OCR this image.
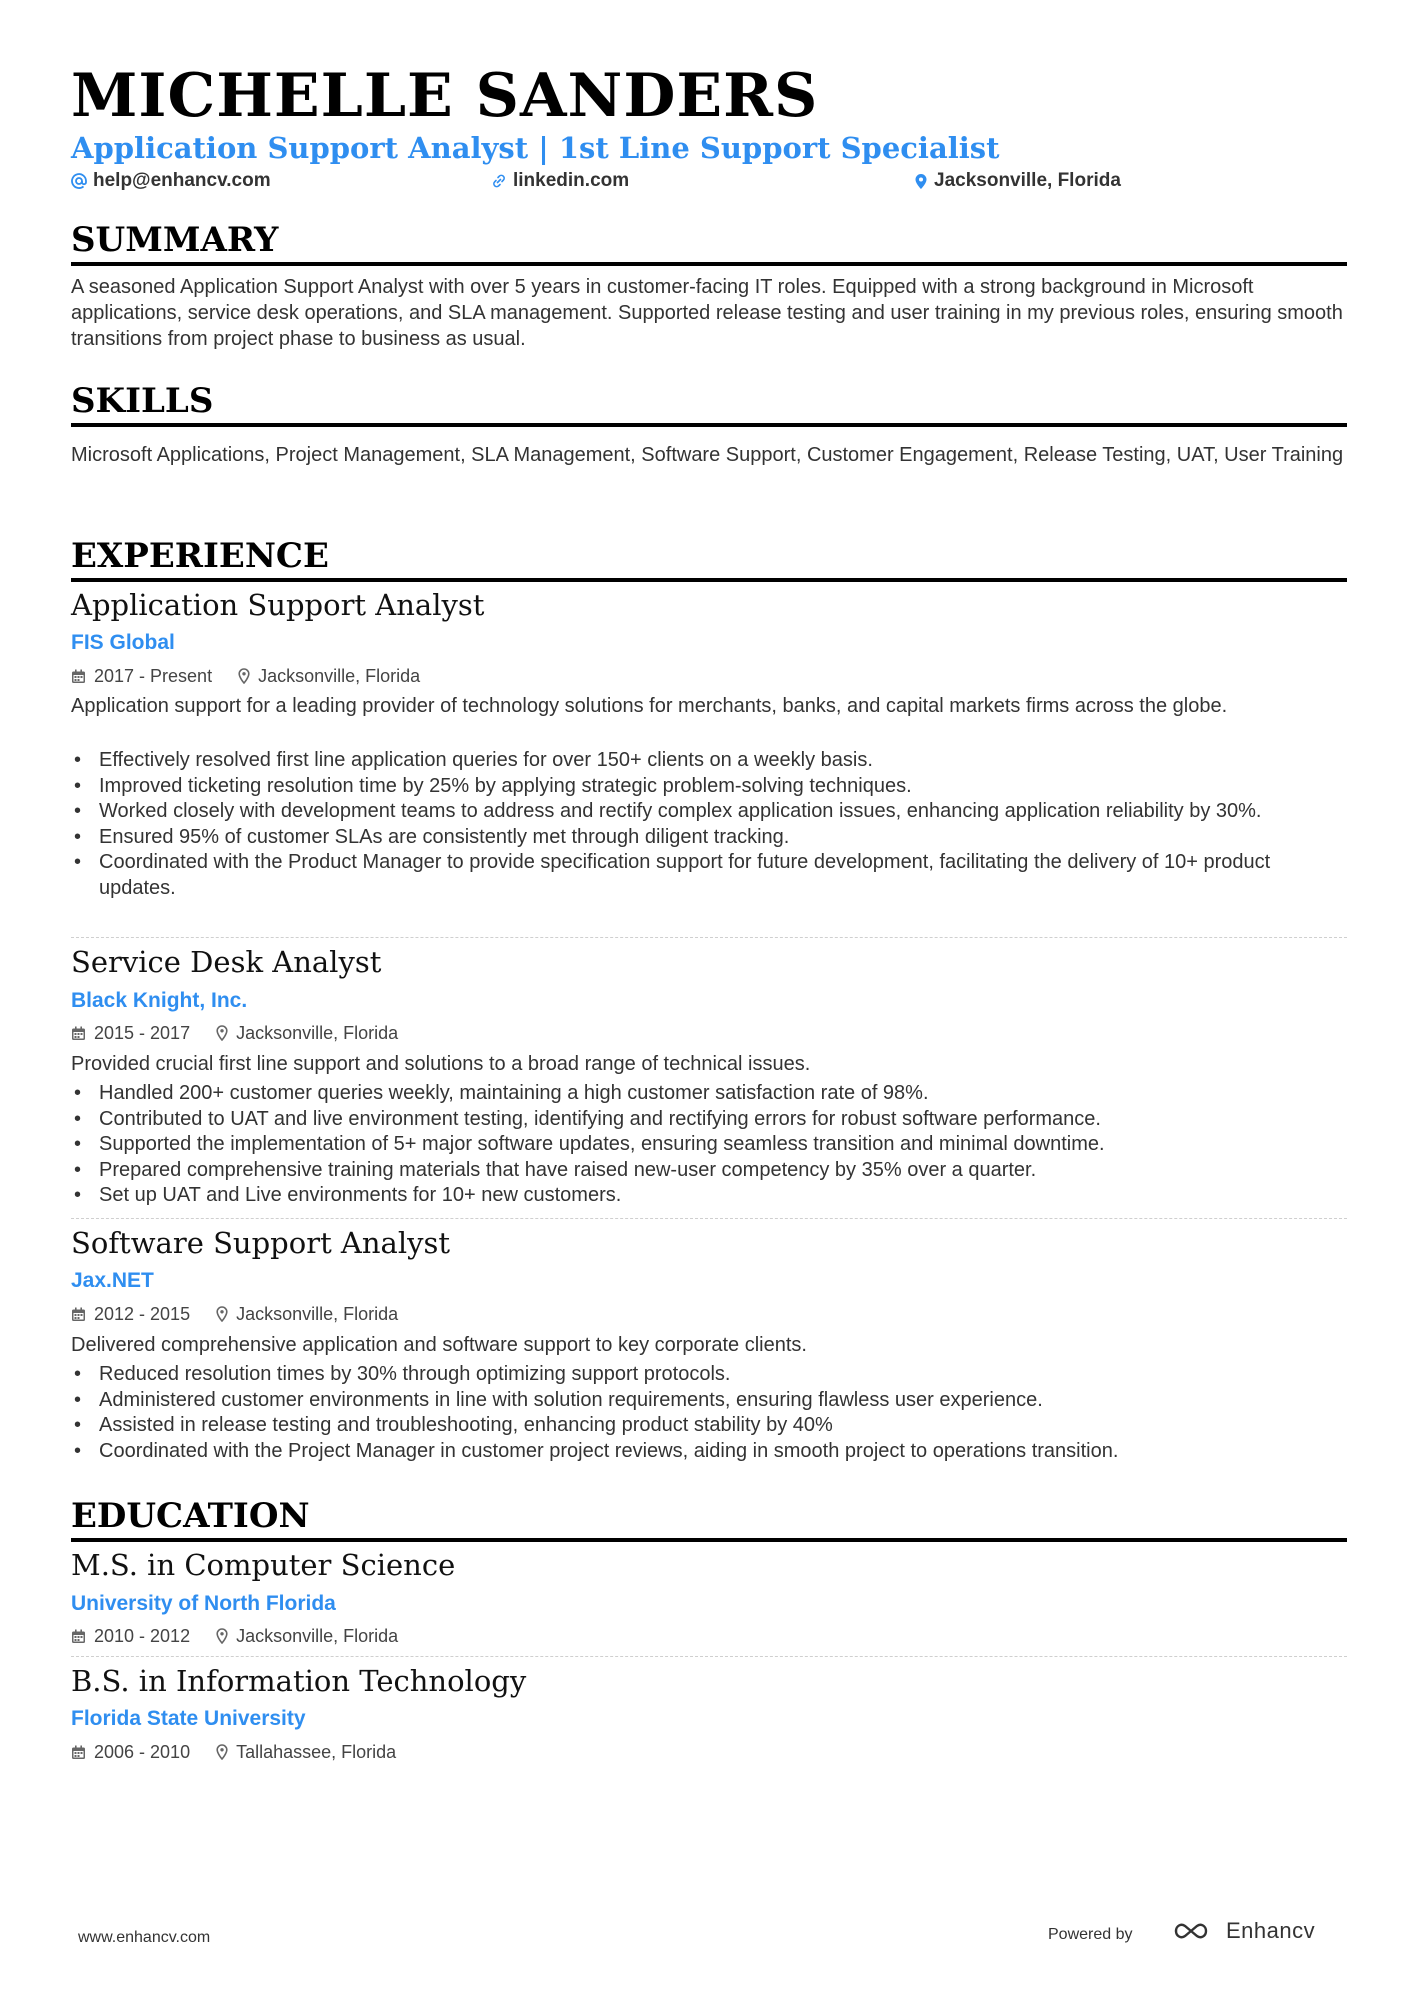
MICHELLE SANDERS
Application Support Analyst | 1st Line Support Specialist
help@enhancv.com	linkedin.com	Jacksonville, Florida
SUMMARY
A seasoned Application Support Analyst with over 5 years in customer-facing IT roles. Equipped with a strong background in Microsoft applications, service desk operations, and SLA management. Supported release testing and user training in my previous roles, ensuring smooth transitions from project phase to business as usual.
SKILLS
Microsoft Applications, Project Management, SLA Management, Software Support, Customer Engagement, Release Testing, UAT, User Training
EXPERIENCE
Application Support Analyst
FIS Global
2017 - Present	Jacksonville, Florida
Application support for a leading provider of technology solutions for merchants, banks, and capital markets firms across the globe.
• Effectively resolved first line application queries for over 150+ clients on a weekly basis.
• Improved ticketing resolution time by 25% by applying strategic problem-solving techniques.
• Worked closely with development teams to address and rectify complex application issues, enhancing application reliability by 30%.
• Ensured 95% of customer SLAs are consistently met through diligent tracking.
• Coordinated with the Product Manager to provide specification support for future development, facilitating the delivery of 10+ product updates.
Service Desk Analyst
Black Knight, Inc.
2015 - 2017	Jacksonville, Florida
Provided crucial first line support and solutions to a broad range of technical issues.
• Handled 200+ customer queries weekly, maintaining a high customer satisfaction rate of 98%.
• Contributed to UAT and live environment testing, identifying and rectifying errors for robust software performance.
• Supported the implementation of 5+ major software updates, ensuring seamless transition and minimal downtime.
• Prepared comprehensive training materials that have raised new-user competency by 35% over a quarter.
• Set up UAT and Live environments for 10+ new customers.
Software Support Analyst
Jax.NET
2012 - 2015	Jacksonville, Florida
Delivered comprehensive application and software support to key corporate clients.
• Reduced resolution times by 30% through optimizing support protocols.
• Administered customer environments in line with solution requirements, ensuring flawless user experience.
• Assisted in release testing and troubleshooting, enhancing product stability by 40%
• Coordinated with the Project Manager in customer project reviews, aiding in smooth project to operations transition.
EDUCATION
M.S. in Computer Science
University of North Florida
2010 - 2012	Jacksonville, Florida
B.S. in Information Technology
Florida State University
2006 - 2010	Tallahassee, Florida
www.enhancv.com	Powered by	Enhancv
